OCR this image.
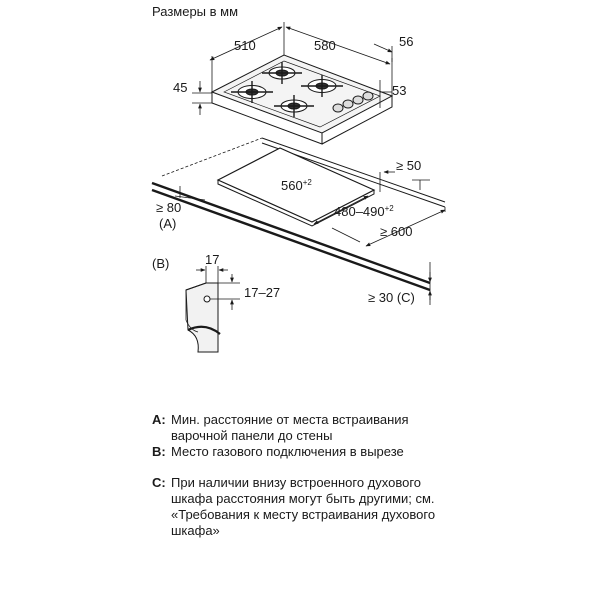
Размеры в мм
510	580	56
45	53
≥ 50
$560^{+2}$
$480-490^{+2}$
≥ 600
≥ 80
(A)
≥ 30 (C)
(B)	17
17–27
A: Мин. расстояние от места встраивания варочной панели до стены
B: Место газового подключения в вырезе
C: При наличии внизу встроенного духового шкафа расстояния могут быть другими; см. «Требования к месту встраивания духового шкафа»
